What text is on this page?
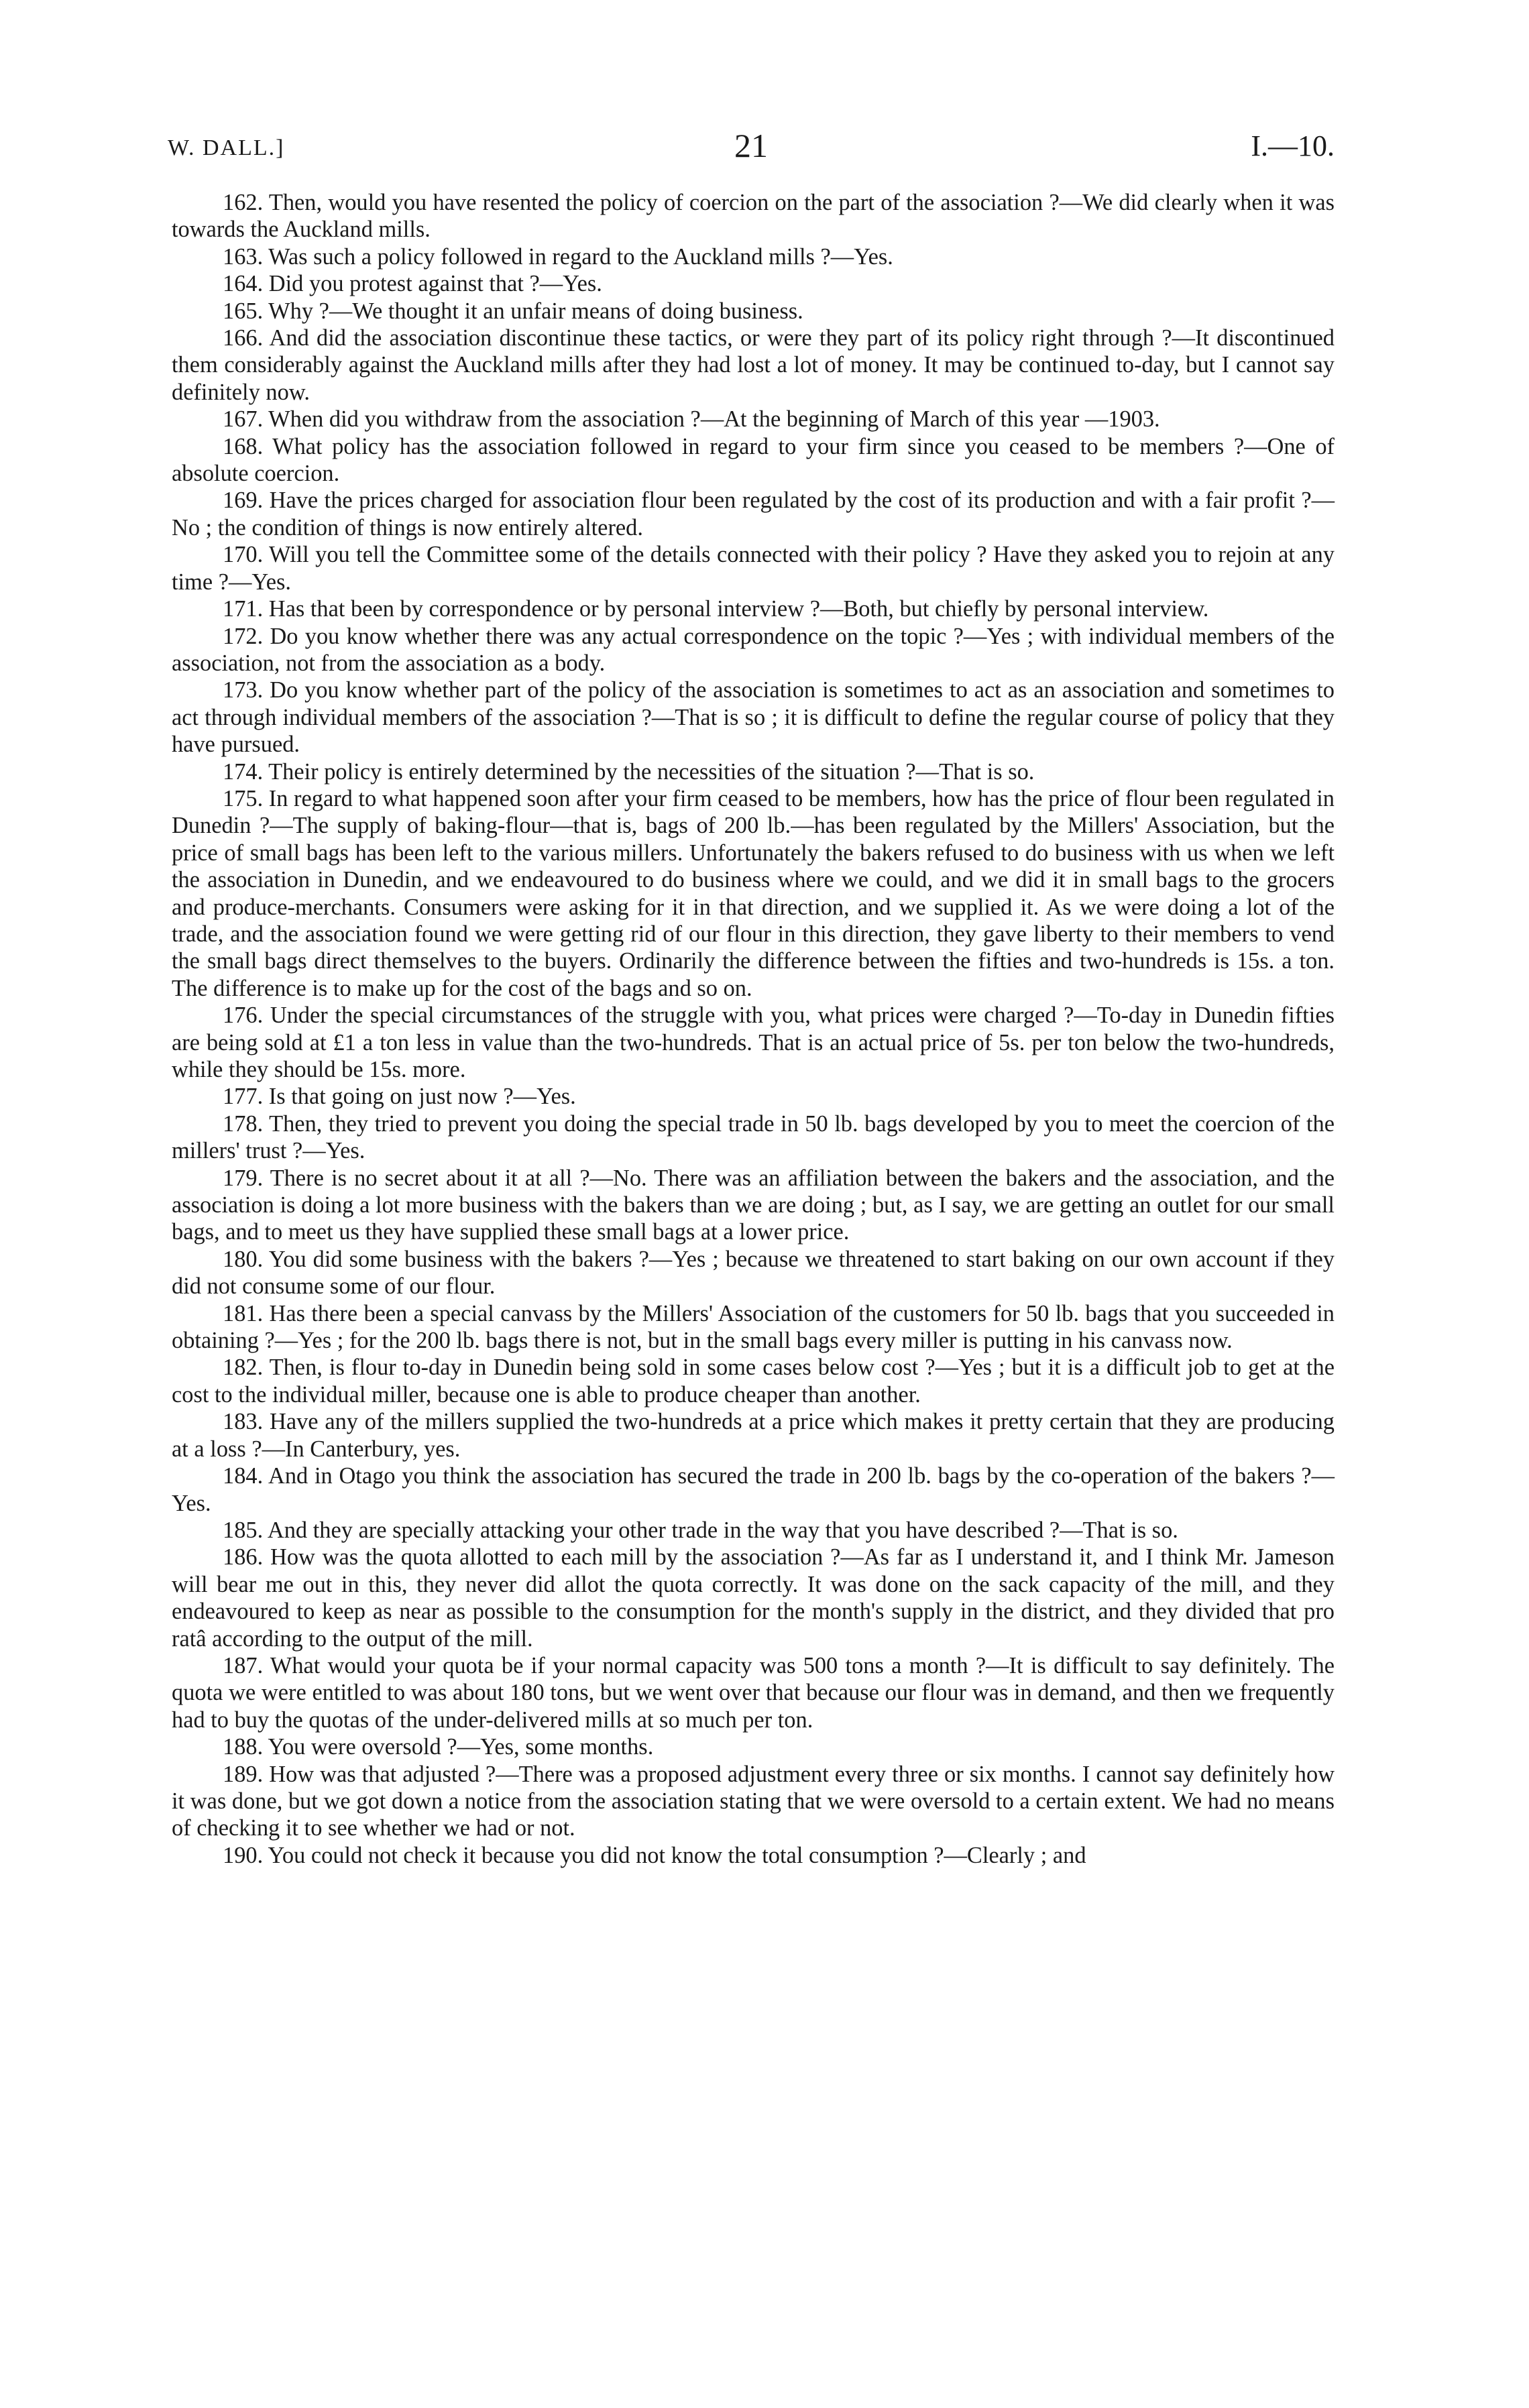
W. DALL.]	21	I.—10.

162. Then, would you have resented the policy of coercion on the part of the association ?—We did clearly when it was towards the Auckland mills.

163. Was such a policy followed in regard to the Auckland mills ?—Yes.

164. Did you protest against that ?—Yes.

165. Why ?—We thought it an unfair means of doing business.

166. And did the association discontinue these tactics, or were they part of its policy right through ?—It discontinued them considerably against the Auckland mills after they had lost a lot of money. It may be continued to-day, but I cannot say definitely now.

167. When did you withdraw from the association ?—At the beginning of March of this year —1903.

168. What policy has the association followed in regard to your firm since you ceased to be members ?—One of absolute coercion.

169. Have the prices charged for association flour been regulated by the cost of its production and with a fair profit ?—No ; the condition of things is now entirely altered.

170. Will you tell the Committee some of the details connected with their policy ? Have they asked you to rejoin at any time ?—Yes.

171. Has that been by correspondence or by personal interview ?—Both, but chiefly by personal interview.

172. Do you know whether there was any actual correspondence on the topic ?—Yes ; with individual members of the association, not from the association as a body.

173. Do you know whether part of the policy of the association is sometimes to act as an association and sometimes to act through individual members of the association ?—That is so ; it is difficult to define the regular course of policy that they have pursued.

174. Their policy is entirely determined by the necessities of the situation ?—That is so.

175. In regard to what happened soon after your firm ceased to be members, how has the price of flour been regulated in Dunedin ?—The supply of baking-flour—that is, bags of 200 lb.—has been regulated by the Millers' Association, but the price of small bags has been left to the various millers. Unfortunately the bakers refused to do business with us when we left the association in Dunedin, and we endeavoured to do business where we could, and we did it in small bags to the grocers and produce-merchants. Consumers were asking for it in that direction, and we supplied it. As we were doing a lot of the trade, and the association found we were getting rid of our flour in this direction, they gave liberty to their members to vend the small bags direct themselves to the buyers. Ordinarily the difference between the fifties and two-hundreds is 15s. a ton. The difference is to make up for the cost of the bags and so on.

176. Under the special circumstances of the struggle with you, what prices were charged ?—To-day in Dunedin fifties are being sold at £1 a ton less in value than the two-hundreds. That is an actual price of 5s. per ton below the two-hundreds, while they should be 15s. more.

177. Is that going on just now ?—Yes.

178. Then, they tried to prevent you doing the special trade in 50 lb. bags developed by you to meet the coercion of the millers' trust ?—Yes.

179. There is no secret about it at all ?—No. There was an affiliation between the bakers and the association, and the association is doing a lot more business with the bakers than we are doing ; but, as I say, we are getting an outlet for our small bags, and to meet us they have supplied these small bags at a lower price.

180. You did some business with the bakers ?—Yes ; because we threatened to start baking on our own account if they did not consume some of our flour.

181. Has there been a special canvass by the Millers' Association of the customers for 50 lb. bags that you succeeded in obtaining ?—Yes ; for the 200 lb. bags there is not, but in the small bags every miller is putting in his canvass now.

182. Then, is flour to-day in Dunedin being sold in some cases below cost ?—Yes ; but it is a difficult job to get at the cost to the individual miller, because one is able to produce cheaper than another.

183. Have any of the millers supplied the two-hundreds at a price which makes it pretty certain that they are producing at a loss ?—In Canterbury, yes.

184. And in Otago you think the association has secured the trade in 200 lb. bags by the co-operation of the bakers ?—Yes.

185. And they are specially attacking your other trade in the way that you have described ?—That is so.

186. How was the quota allotted to each mill by the association ?—As far as I understand it, and I think Mr. Jameson will bear me out in this, they never did allot the quota correctly. It was done on the sack capacity of the mill, and they endeavoured to keep as near as possible to the consumption for the month's supply in the district, and they divided that pro ratâ according to the output of the mill.

187. What would your quota be if your normal capacity was 500 tons a month ?—It is difficult to say definitely. The quota we were entitled to was about 180 tons, but we went over that because our flour was in demand, and then we frequently had to buy the quotas of the under-delivered mills at so much per ton.

188. You were oversold ?—Yes, some months.

189. How was that adjusted ?—There was a proposed adjustment every three or six months. I cannot say definitely how it was done, but we got down a notice from the association stating that we were oversold to a certain extent. We had no means of checking it to see whether we had or not.

190. You could not check it because you did not know the total consumption ?—Clearly ; and
